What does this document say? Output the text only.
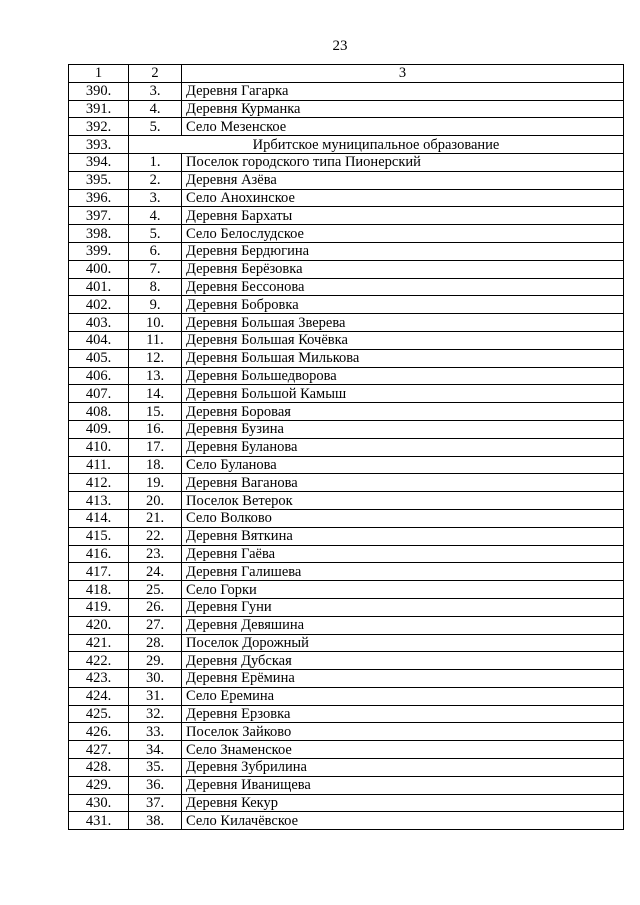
23
1	2	3
390.	3.	Деревня Гагарка
391.	4.	Деревня Курманка
392.	5.	Село Мезенское
393.	Ирбитское муниципальное образование	
394.	1.	Поселок городского типа Пионерский
395.	2.	Деревня Азёва
396.	3.	Село Анохинское
397.	4.	Деревня Бархаты
398.	5.	Село Белослудское
399.	6.	Деревня Бердюгина
400.	7.	Деревня Берёзовка
401.	8.	Деревня Бессонова
402.	9.	Деревня Бобровка
403.	10.	Деревня Большая Зверева
404.	11.	Деревня Большая Кочёвка
405.	12.	Деревня Большая Милькова
406.	13.	Деревня Большедворова
407.	14.	Деревня Большой Камыш
408.	15.	Деревня Боровая
409.	16.	Деревня Бузина
410.	17.	Деревня Буланова
411.	18.	Село Буланова
412.	19.	Деревня Ваганова
413.	20.	Поселок Ветерок
414.	21.	Село Волково
415.	22.	Деревня Вяткина
416.	23.	Деревня Гаёва
417.	24.	Деревня Галишева
418.	25.	Село Горки
419.	26.	Деревня Гуни
420.	27.	Деревня Девяшина
421.	28.	Поселок Дорожный
422.	29.	Деревня Дубская
423.	30.	Деревня Ерёмина
424.	31.	Село Еремина
425.	32.	Деревня Ерзовка
426.	33.	Поселок Зайково
427.	34.	Село Знаменское
428.	35.	Деревня Зубрилина
429.	36.	Деревня Иванищева
430.	37.	Деревня Кекур
431.	38.	Село Килачёвское
